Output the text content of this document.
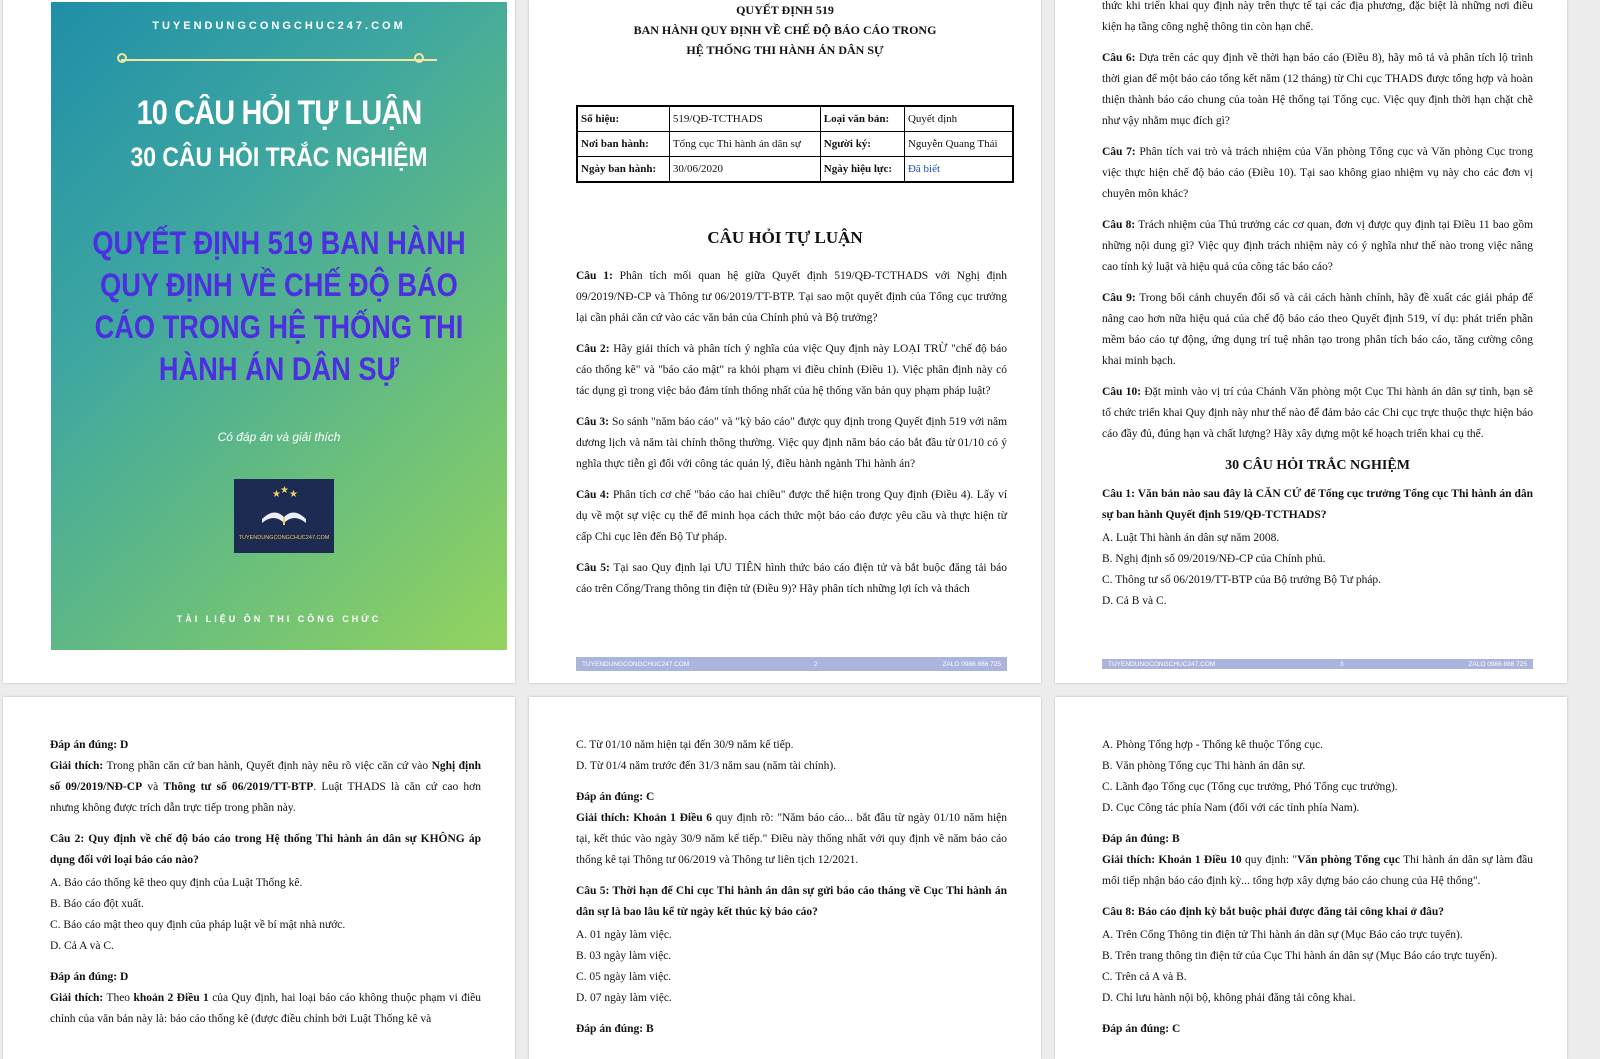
TUYENDUNGCONGCHUC247.COM
10 CÂU HỎI TỰ LUẬN
30 CÂU HỎI TRẮC NGHIỆM
QUYẾT ĐỊNH 519 BAN HÀNH QUY ĐỊNH VỀ CHẾ ĐỘ BÁO CÁO TRONG HỆ THỐNG THI HÀNH ÁN DÂN SỰ
Có đáp án và giải thích
★ ★ ★
TUYENDUNGCONGCHUC247.COM
TÀI LIỆU ÔN THI CÔNG CHỨC
QUYẾT ĐỊNH 519
BAN HÀNH QUY ĐỊNH VỀ CHẾ ĐỘ BÁO CÁO TRONG
HỆ THỐNG THI HÀNH ÁN DÂN SỰ
Số hiệu:	519/QĐ-TCTHADS	Loại văn bản:	Quyết định
Nơi ban hành:	Tổng cục Thi hành án dân sự	Người ký:	Nguyễn Quang Thái
Ngày ban hành:	30/06/2020	Ngày hiệu lực:	Đã biết
CÂU HỎI TỰ LUẬN

Câu 1: Phân tích mối quan hệ giữa Quyết định 519/QĐ-TCTHADS với Nghị định 09/2019/NĐ-CP và Thông tư 06/2019/TT-BTP. Tại sao một quyết định của Tổng cục trưởng lại cần phải căn cứ vào các văn bản của Chính phủ và Bộ trưởng?

Câu 2: Hãy giải thích và phân tích ý nghĩa của việc Quy định này LOẠI TRỪ "chế độ báo cáo thống kê" và "báo cáo mật" ra khỏi phạm vi điều chỉnh (Điều 1). Việc phân định này có tác dụng gì trong việc bảo đảm tính thống nhất của hệ thống văn bản quy phạm pháp luật?

Câu 3: So sánh "năm báo cáo" và "kỳ báo cáo" được quy định trong Quyết định 519 với năm dương lịch và năm tài chính thông thường. Việc quy định năm báo cáo bắt đầu từ 01/10 có ý nghĩa thực tiễn gì đối với công tác quản lý, điều hành ngành Thi hành án?

Câu 4: Phân tích cơ chế "báo cáo hai chiều" được thể hiện trong Quy định (Điều 4). Lấy ví dụ về một sự việc cụ thể để minh họa cách thức một báo cáo được yêu cầu và thực hiện từ cấp Chi cục lên đến Bộ Tư pháp.

Câu 5: Tại sao Quy định lại ƯU TIÊN hình thức báo cáo điện tử và bắt buộc đăng tải báo cáo trên Cổng/Trang thông tin điện tử (Điều 9)? Hãy phân tích những lợi ích và thách

TUYENDUNGCONGCHUC247.COM	2	ZALO 0986 886 725

thức khi triển khai quy định này trên thực tế tại các địa phương, đặc biệt là những nơi điều kiện hạ tầng công nghệ thông tin còn hạn chế.

Câu 6: Dựa trên các quy định về thời hạn báo cáo (Điều 8), hãy mô tả và phân tích lộ trình thời gian để một báo cáo tổng kết năm (12 tháng) từ Chi cục THADS được tổng hợp và hoàn thiện thành báo cáo chung của toàn Hệ thống tại Tổng cục. Việc quy định thời hạn chặt chẽ như vậy nhằm mục đích gì?

Câu 7: Phân tích vai trò và trách nhiệm của Văn phòng Tổng cục và Văn phòng Cục trong việc thực hiện chế độ báo cáo (Điều 10). Tại sao không giao nhiệm vụ này cho các đơn vị chuyên môn khác?

Câu 8: Trách nhiệm của Thủ trưởng các cơ quan, đơn vị được quy định tại Điều 11 bao gồm những nội dung gì? Việc quy định trách nhiệm này có ý nghĩa như thế nào trong việc nâng cao tính kỷ luật và hiệu quả của công tác báo cáo?

Câu 9: Trong bối cảnh chuyển đổi số và cải cách hành chính, hãy đề xuất các giải pháp để nâng cao hơn nữa hiệu quả của chế độ báo cáo theo Quyết định 519, ví dụ: phát triển phần mềm báo cáo tự động, ứng dụng trí tuệ nhân tạo trong phân tích báo cáo, tăng cường công khai minh bạch.

Câu 10: Đặt mình vào vị trí của Chánh Văn phòng một Cục Thi hành án dân sự tỉnh, bạn sẽ tổ chức triển khai Quy định này như thế nào để đảm bảo các Chi cục trực thuộc thực hiện báo cáo đầy đủ, đúng hạn và chất lượng? Hãy xây dựng một kế hoạch triển khai cụ thể.

30 CÂU HỎI TRẮC NGHIỆM

Câu 1: Văn bản nào sau đây là CĂN CỨ để Tổng cục trưởng Tổng cục Thi hành án dân sự ban hành Quyết định 519/QĐ-TCTHADS?

A. Luật Thi hành án dân sự năm 2008.
B. Nghị định số 09/2019/NĐ-CP của Chính phủ.
C. Thông tư số 06/2019/TT-BTP của Bộ trưởng Bộ Tư pháp.
D. Cả B và C.
TUYENDUNGCONGCHUC247.COM	3	ZALO 0986 886 725
Đáp án đúng: D

Giải thích: Trong phần căn cứ ban hành, Quyết định này nêu rõ việc căn cứ vào Nghị định số 09/2019/NĐ-CP và Thông tư số 06/2019/TT-BTP. Luật THADS là căn cứ cao hơn nhưng không được trích dẫn trực tiếp trong phần này.

Câu 2: Quy định về chế độ báo cáo trong Hệ thống Thi hành án dân sự KHÔNG áp dụng đối với loại báo cáo nào?

A. Báo cáo thống kê theo quy định của Luật Thống kê.
B. Báo cáo đột xuất.
C. Báo cáo mật theo quy định của pháp luật về bí mật nhà nước.
D. Cả A và C.
Đáp án đúng: D

Giải thích: Theo khoản 2 Điều 1 của Quy định, hai loại báo cáo không thuộc phạm vi điều chỉnh của văn bản này là: báo cáo thống kê (được điều chỉnh bởi Luật Thống kê và

C. Từ 01/10 năm hiện tại đến 30/9 năm kế tiếp.
D. Từ 01/4 năm trước đến 31/3 năm sau (năm tài chính).
Đáp án đúng: C

Giải thích: Khoản 1 Điều 6 quy định rõ: "Năm báo cáo... bắt đầu từ ngày 01/10 năm hiện tại, kết thúc vào ngày 30/9 năm kế tiếp." Điều này thống nhất với quy định về năm báo cáo thống kê tại Thông tư 06/2019 và Thông tư liên tịch 12/2021.

Câu 5: Thời hạn để Chi cục Thi hành án dân sự gửi báo cáo tháng về Cục Thi hành án dân sự là bao lâu kể từ ngày kết thúc kỳ báo cáo?

A. 01 ngày làm việc.
B. 03 ngày làm việc.
C. 05 ngày làm việc.
D. 07 ngày làm việc.
Đáp án đúng: B
A. Phòng Tổng hợp - Thống kê thuộc Tổng cục.
B. Văn phòng Tổng cục Thi hành án dân sự.
C. Lãnh đạo Tổng cục (Tổng cục trưởng, Phó Tổng cục trưởng).
D. Cục Công tác phía Nam (đối với các tỉnh phía Nam).
Đáp án đúng: B

Giải thích: Khoản 1 Điều 10 quy định: "Văn phòng Tổng cục Thi hành án dân sự làm đầu mối tiếp nhận báo cáo định kỳ... tổng hợp xây dựng báo cáo chung của Hệ thống".

Câu 8: Báo cáo định kỳ bắt buộc phải được đăng tải công khai ở đâu?

A. Trên Cổng Thông tin điện tử Thi hành án dân sự (Mục Báo cáo trực tuyến).
B. Trên trang thông tin điện tử của Cục Thi hành án dân sự (Mục Báo cáo trực tuyến).
C. Trên cả A và B.
D. Chỉ lưu hành nội bộ, không phải đăng tải công khai.
Đáp án đúng: C
